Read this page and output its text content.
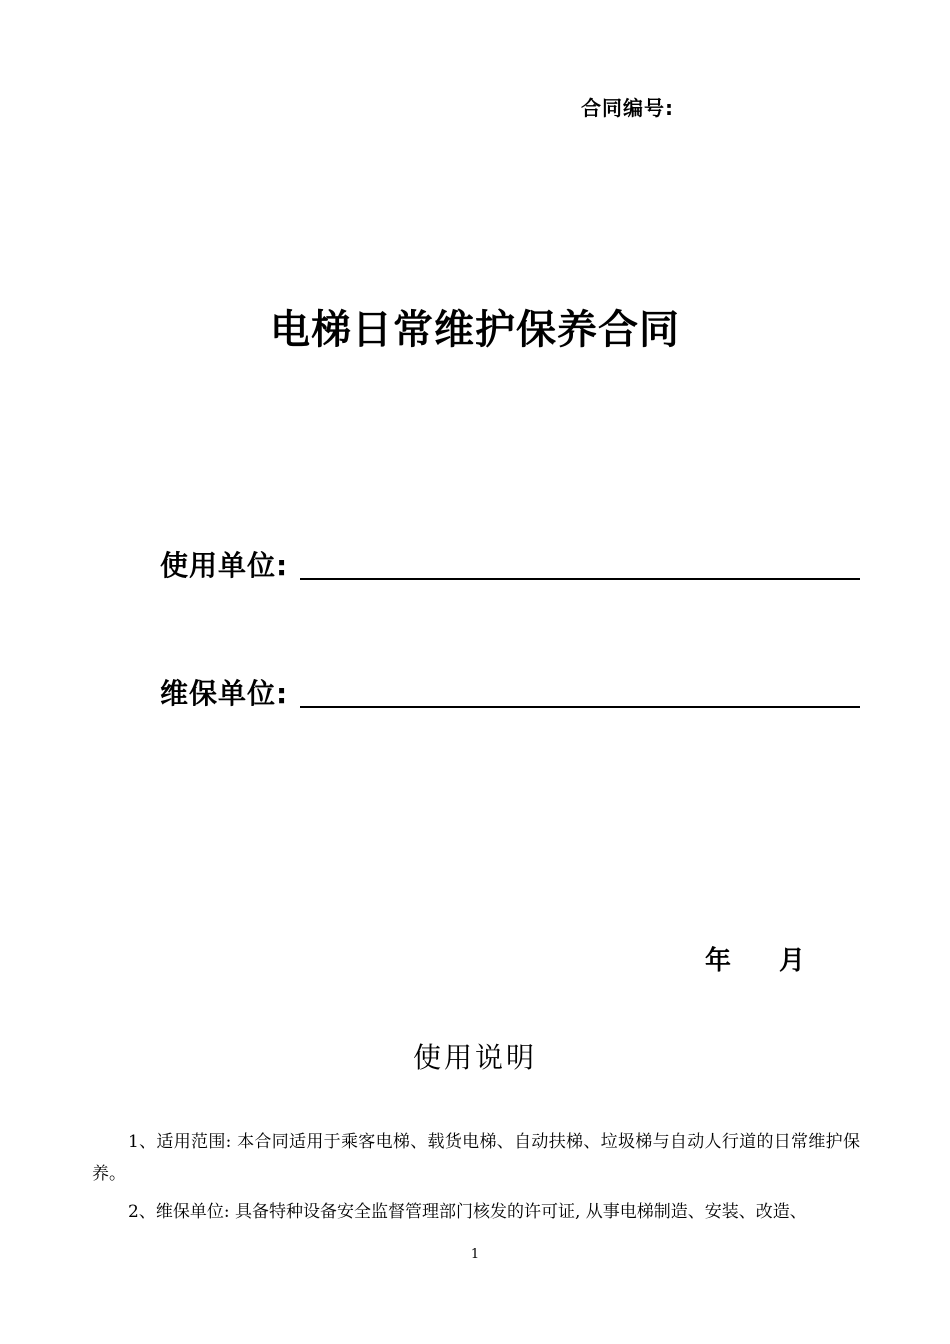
合同编号:
电梯日常维护保养合同
使用单位:
维保单位:
年 月
使用说明
1、适用范围: 本合同适用于乘客电梯、载货电梯、自动扶梯、垃圾梯与自动人行道的日常维护保养。
2、维保单位: 具备特种设备安全监督管理部门核发的许可证, 从事电梯制造、安装、改造、
1
